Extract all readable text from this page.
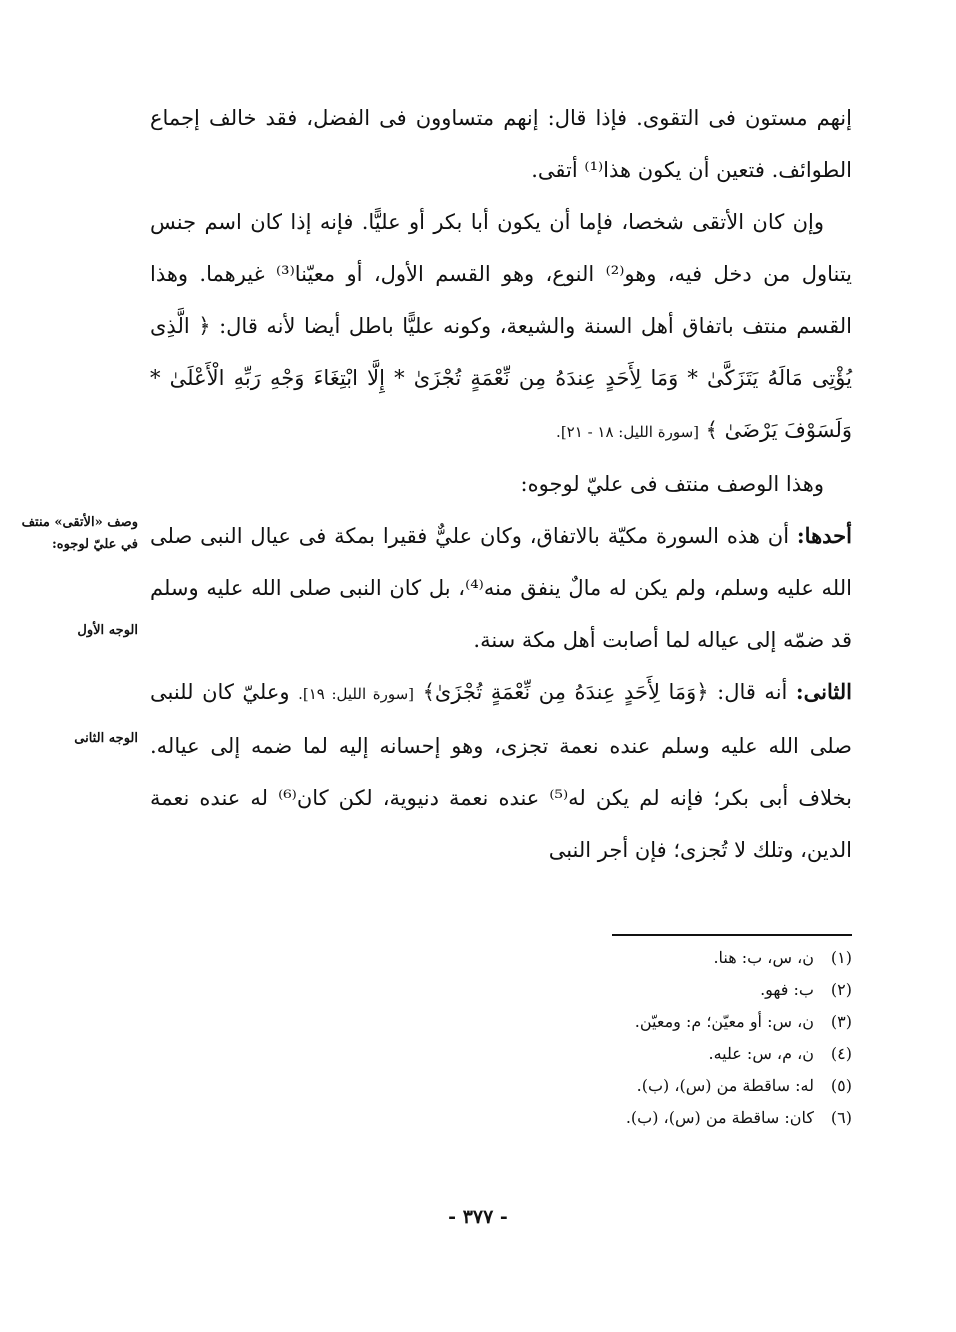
إنهم مستون فى التقوى. فإذا قال: إنهم متساوون فى الفضل، فقد خالف إجماع الطوائف. فتعين أن يكون هذا⁽¹⁾ أتقى.

وإن كان الأتقى شخصا، فإما أن يكون أبا بكر أو عليًّا. فإنه إذا كان اسم جنس يتناول من دخل فيه، وهو⁽²⁾ النوع، وهو القسم الأول، أو معيّنا⁽³⁾ غيرهما. وهذا القسم منتف باتفاق أهل السنة والشيعة، وكونه عليًّا باطل أيضا لأنه قال: ﴿ الَّذِى يُؤْتِى مَالَهُ يَتَزَكَّىٰ * وَمَا لِأَحَدٍ عِندَهُ مِن نِّعْمَةٍ تُجْزَىٰ * إِلَّا ابْتِغَاءَ وَجْهِ رَبِّهِ الْأَعْلَىٰ * وَلَسَوْفَ يَرْضَىٰ ﴾ [سورة الليل: ١٨ - ٢١].

وهذا الوصف منتف فى عليّ لوجوه:

أحدها: أن هذه السورة مكيّة بالاتفاق، وكان عليٌّ فقيرا بمكة فى عيال النبى صلى الله عليه وسلم، ولم يكن له مالٌ ينفق منه⁽⁴⁾، بل كان النبى صلى الله عليه وسلم قد ضمّه إلى عياله لما أصابت أهل مكة سنة.

الثانى: أنه قال: ﴿وَمَا لِأَحَدٍ عِندَهُ مِن نِّعْمَةٍ تُجْزَىٰ﴾ [سورة الليل: ١٩]. وعليّ كان للنبى صلى الله عليه وسلم عنده نعمة تجزى، وهو إحسانه إليه لما ضمه إلى عياله. بخلاف أبى بكر؛ فإنه لم يكن له⁽⁵⁾ عنده نعمة دنيوية، لكن كان⁽⁶⁾ له عنده نعمة الدين، وتلك لا تُجزى؛ فإن أجر النبى

وصف «الأتقى» منتف في عليّ لوجوه:
الوجه الأول
الوجه الثانى
(١)ن، س، ب: هنا.
(٢)ب: فهو.
(٣)ن، س: أو معيّن؛ م: ومعيّن.
(٤)ن، م، س: عليه.
(٥)له: ساقطة من (س)، (ب).
(٦)كان: ساقطة من (س)، (ب).
- ٣٧٧ -
